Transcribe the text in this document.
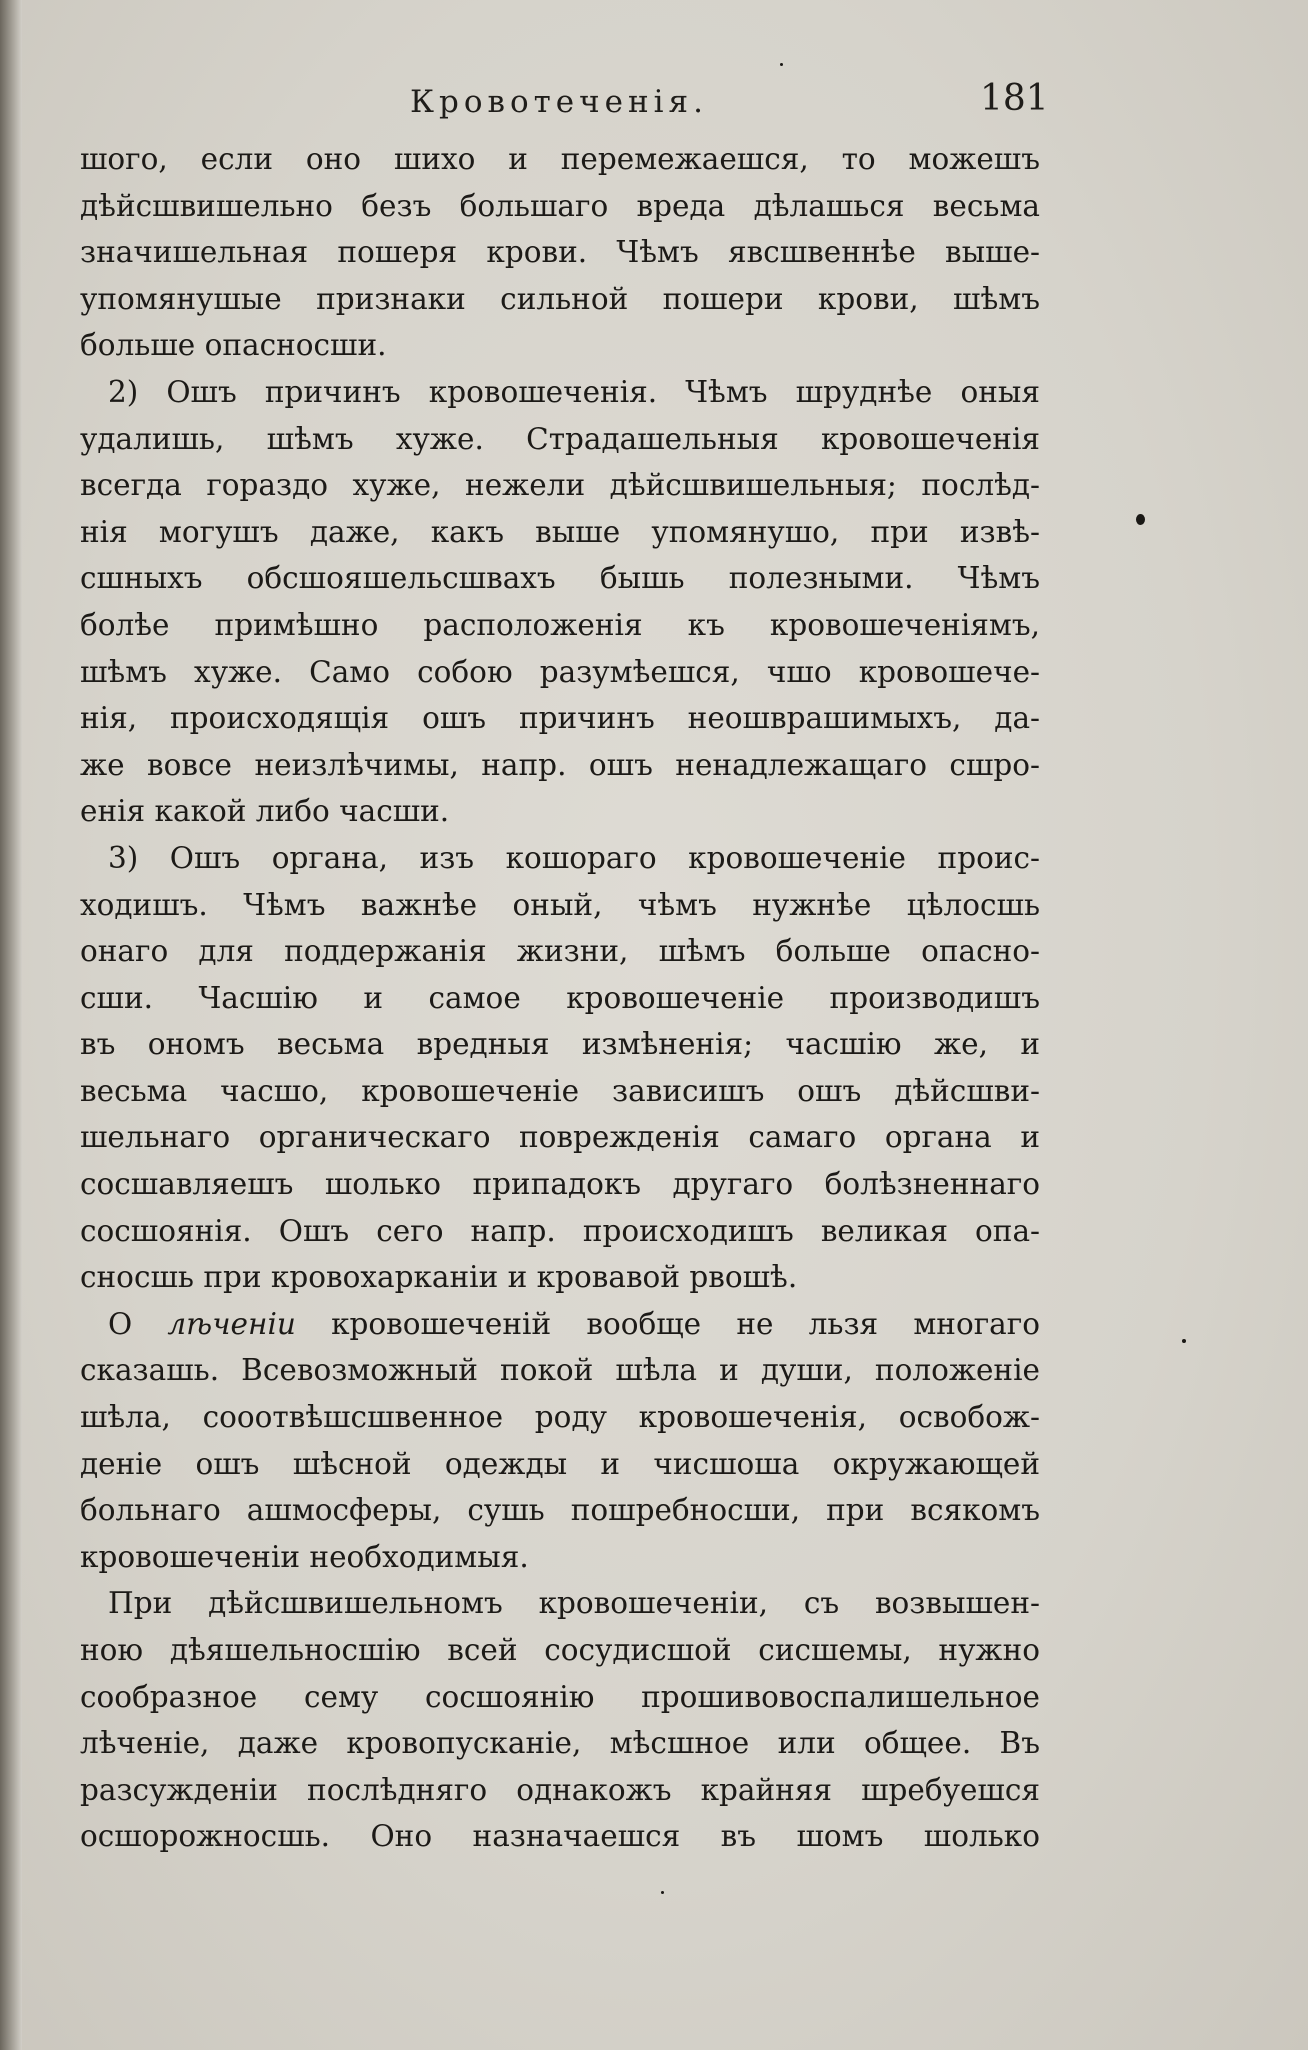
Кровотеченія.	181
шого, если оно шихо и перемежаешся, то можешъ
дѣйсшвишельно безъ большаго вреда дѣлашься весьма
значишельная пошеря крови. Чѣмъ явсшвеннѣе выше-
упомянушые признаки сильной пошери крови, шѣмъ
больше опасносши.
2) Ошъ причинъ кровошеченія. Чѣмъ шруднѣе оныя
удалишь, шѣмъ хуже. Страдашельныя кровошеченія
всегда гораздо хуже, нежели дѣйсшвишельныя; послѣд-
нія могушъ даже, какъ выше упомянушо, при извѣ-
сшныхъ обсшояшельсшвахъ бышь полезными. Чѣмъ
болѣе примѣшно расположенія къ кровошеченіямъ,
шѣмъ хуже. Само собою разумѣешся, чшо кровошече-
нія, происходящія ошъ причинъ неошврашимыхъ, да-
же вовсе неизлѣчимы, напр. ошъ ненадлежащаго сшро-
енія какой либо часши.
3) Ошъ органа, изъ кошораго кровошеченіе проис-
ходишъ. Чѣмъ важнѣе оный, чѣмъ нужнѣе цѣлосшь
онаго для поддержанія жизни, шѣмъ больше опасно-
сши. Часшію и самое кровошеченіе производишъ
въ ономъ весьма вредныя измѣненія; часшію же, и
весьма часшо, кровошеченіе зависишъ ошъ дѣйсшви-
шельнаго органическаго поврежденія самаго органа и
сосшавляешъ шолько припадокъ другаго болѣзненнаго
сосшоянія. Ошъ сего напр. происходишъ великая опа-
сносшь при кровохарканіи и кровавой рвошѣ.
О лѣченіи кровошеченій вообще не льзя многаго
сказашь. Всевозможный покой шѣла и души, положеніе
шѣла, сооотвѣшсшвенное роду кровошеченія, освобож-
деніе ошъ шѣсной одежды и чисшоша окружающей
больнаго ашмосферы, сушь пошребносши, при всякомъ
кровошеченіи необходимыя.
При дѣйсшвишельномъ кровошеченіи, съ возвышен-
ною дѣяшельносшію всей сосудисшой сисшемы, нужно
сообразное сему сосшоянію прошивовоспалишельное
лѣченіе, даже кровопусканіе, мѣсшное или общее. Въ
разсужденіи послѣдняго однакожъ крайняя шребуешся
осшорожносшь. Оно назначаешся въ шомъ шолько
